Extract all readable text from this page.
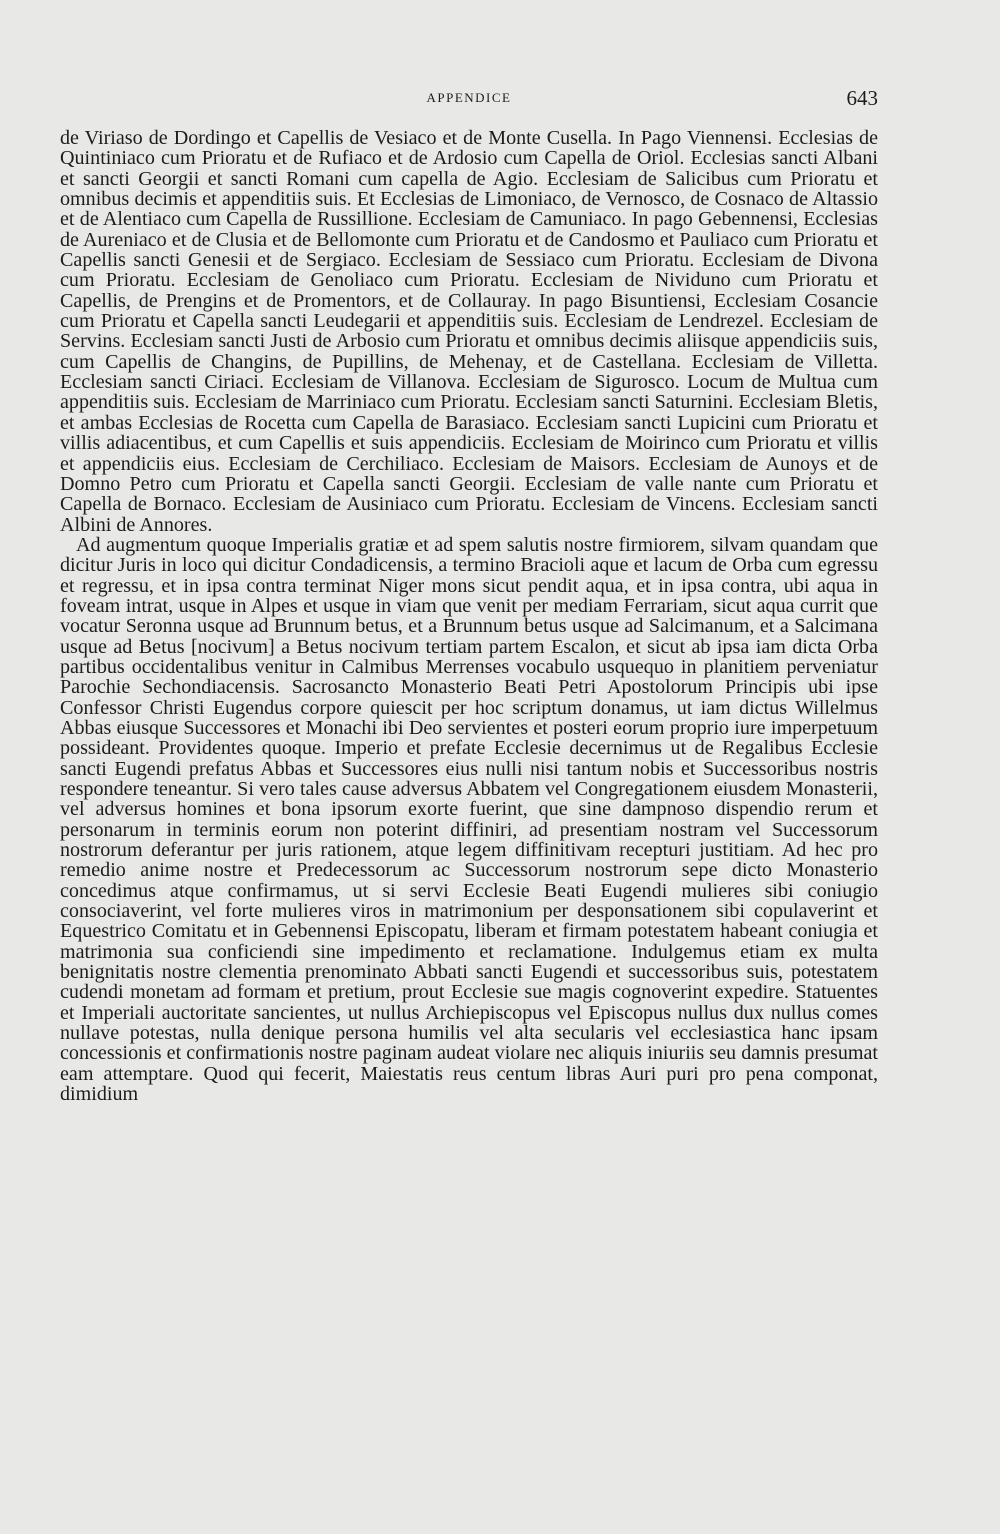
APPENDICE	643

de Viriaso de Dordingo et Capellis de Vesiaco et de Monte Cusella. In Pago Viennensi. Ecclesias de Quintiniaco cum Prioratu et de Rufiaco et de Ardosio cum Capella de Oriol. Ecclesias sancti Albani et sancti Georgii et sancti Romani cum capella de Agio. Ecclesiam de Salicibus cum Prioratu et omnibus decimis et appenditiis suis. Et Ecclesias de Limoniaco, de Vernosco, de Cosnaco de Altassio et de Alentiaco cum Capella de Russillione. Ecclesiam de Camuniaco. In pago Gebennensi, Ecclesias de Aureniaco et de Clusia et de Bellomonte cum Prioratu et de Candosmo et Pauliaco cum Prioratu et Capellis sancti Genesii et de Sergiaco. Ecclesiam de Sessiaco cum Prioratu. Ecclesiam de Divona cum Prioratu. Ecclesiam de Genoliaco cum Prioratu. Ecclesiam de Nividuno cum Prioratu et Capellis, de Prengins et de Promentors, et de Collauray. In pago Bisuntiensi, Ecclesiam Cosancie cum Prioratu et Capella sancti Leudegarii et appenditiis suis. Ecclesiam de Lendrezel. Ecclesiam de Servins. Ecclesiam sancti Justi de Arbosio cum Prioratu et omnibus decimis aliisque appendiciis suis, cum Capellis de Changins, de Pupillins, de Mehenay, et de Castellana. Ecclesiam de Villetta. Ecclesiam sancti Ciriaci. Ecclesiam de Villanova. Ecclesiam de Sigurosco. Locum de Multua cum appenditiis suis. Ecclesiam de Marriniaco cum Prioratu. Ecclesiam sancti Saturnini. Ecclesiam Bletis, et ambas Ecclesias de Rocetta cum Capella de Barasiaco. Ecclesiam sancti Lupicini cum Prioratu et villis adiacentibus, et cum Capellis et suis appendiciis. Ecclesiam de Moirinco cum Prioratu et villis et appendiciis eius. Ecclesiam de Cerchiliaco. Ecclesiam de Maisors. Ecclesiam de Aunoys et de Domno Petro cum Prioratu et Capella sancti Georgii. Ecclesiam de valle nante cum Prioratu et Capella de Bornaco. Ecclesiam de Ausiniaco cum Prioratu. Ecclesiam de Vincens. Ecclesiam sancti Albini de Annores.

Ad augmentum quoque Imperialis gratiæ et ad spem salutis nostre firmiorem, silvam quandam que dicitur Juris in loco qui dicitur Condadicensis, a termino Bracioli aque et lacum de Orba cum egressu et regressu, et in ipsa contra terminat Niger mons sicut pendit aqua, et in ipsa contra, ubi aqua in foveam intrat, usque in Alpes et usque in viam que venit per mediam Ferrariam, sicut aqua currit que vocatur Seronna usque ad Brunnum betus, et a Brunnum betus usque ad Salcimanum, et a Salcimana usque ad Betus [nocivum] a Betus nocivum tertiam partem Escalon, et sicut ab ipsa iam dicta Orba partibus occidentalibus venitur in Calmibus Merrenses vocabulo usquequo in planitiem perveniatur Parochie Sechondiacensis. Sacrosancto Monasterio Beati Petri Apostolorum Principis ubi ipse Confessor Christi Eugendus corpore quiescit per hoc scriptum donamus, ut iam dictus Willelmus Abbas eiusque Successores et Monachi ibi Deo servientes et posteri eorum proprio iure imperpetuum possideant. Providentes quoque. Imperio et prefate Ecclesie decernimus ut de Regalibus Ecclesie sancti Eugendi prefatus Abbas et Successores eius nulli nisi tantum nobis et Successoribus nostris respondere teneantur. Si vero tales cause adversus Abbatem vel Congregationem eiusdem Monasterii, vel adversus homines et bona ipsorum exorte fuerint, que sine dampnoso dispendio rerum et personarum in terminis eorum non poterint diffiniri, ad presentiam nostram vel Successorum nostrorum deferantur per juris rationem, atque legem diffinitivam recepturi justitiam. Ad hec pro remedio anime nostre et Predecessorum ac Successorum nostrorum sepe dicto Monasterio concedimus atque confirmamus, ut si servi Ecclesie Beati Eugendi mulieres sibi coniugio consociaverint, vel forte mulieres viros in matrimonium per desponsationem sibi copulaverint et Equestrico Comitatu et in Gebennensi Episcopatu, liberam et firmam potestatem habeant coniugia et matrimonia sua conficiendi sine impedimento et reclamatione. Indulgemus etiam ex multa benignitatis nostre clementia prenominato Abbati sancti Eugendi et successoribus suis, potestatem cudendi monetam ad formam et pretium, prout Ecclesie sue magis cognoverint expedire. Statuentes et Imperiali auctoritate sancientes, ut nullus Archiepiscopus vel Episcopus nullus dux nullus comes nullave potestas, nulla denique persona humilis vel alta secularis vel ecclesiastica hanc ipsam concessionis et confirmationis nostre paginam audeat violare nec aliquis iniuriis seu damnis presumat eam attemptare. Quod qui fecerit, Maiestatis reus centum libras Auri puri pro pena componat, dimidium
